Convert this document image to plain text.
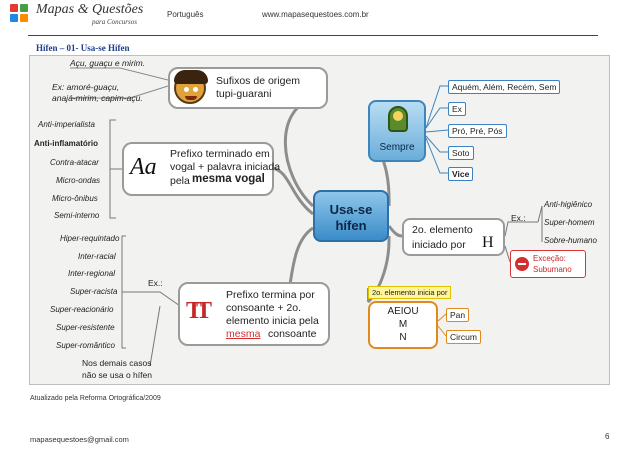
Mapas & Questões
para Concursos
Português	www.mapasequestoes.com.br
Hífen – 01- Usa-se Hífen
Açu, guaçu e mirim.
Ex: amoré-guaçu,
anajá-mirim, capim-açu.
Sufixos de origem
tupi-guarani
Anti-imperialista
Anti-inflamatório
Contra-atacar
Micro-ondas
Micro-ônibus
Semi-interno
Aa Prefixo terminado em
vogal + palavra iniciada
pela mesma vogal
Usa-se
hífen
Sempre
Aquém, Além, Recém, Sem
Ex
Pró, Pré, Pós
Soto
Vice
2o. elemento
iniciado por H
Ex.:
Anti-higiênico
Super-homem
Sobre-humano
Exceção:
Subumano
2o. elemento inicia por
AEIOU
M
N
Pan
Circum
Hiper-requintado
Inter-racial
Inter-regional
Super-racista
Super-reacionário
Super-resistente
Super-romântico
Ex.:
Nos demais casos
não se usa o hífen
TT
Prefixo termina por
consoante + 2o.
elemento inicia pela
mesma consoante
Atualizado pela Reforma Ortográfica/2009
mapasequestoes@gmail.com	6
